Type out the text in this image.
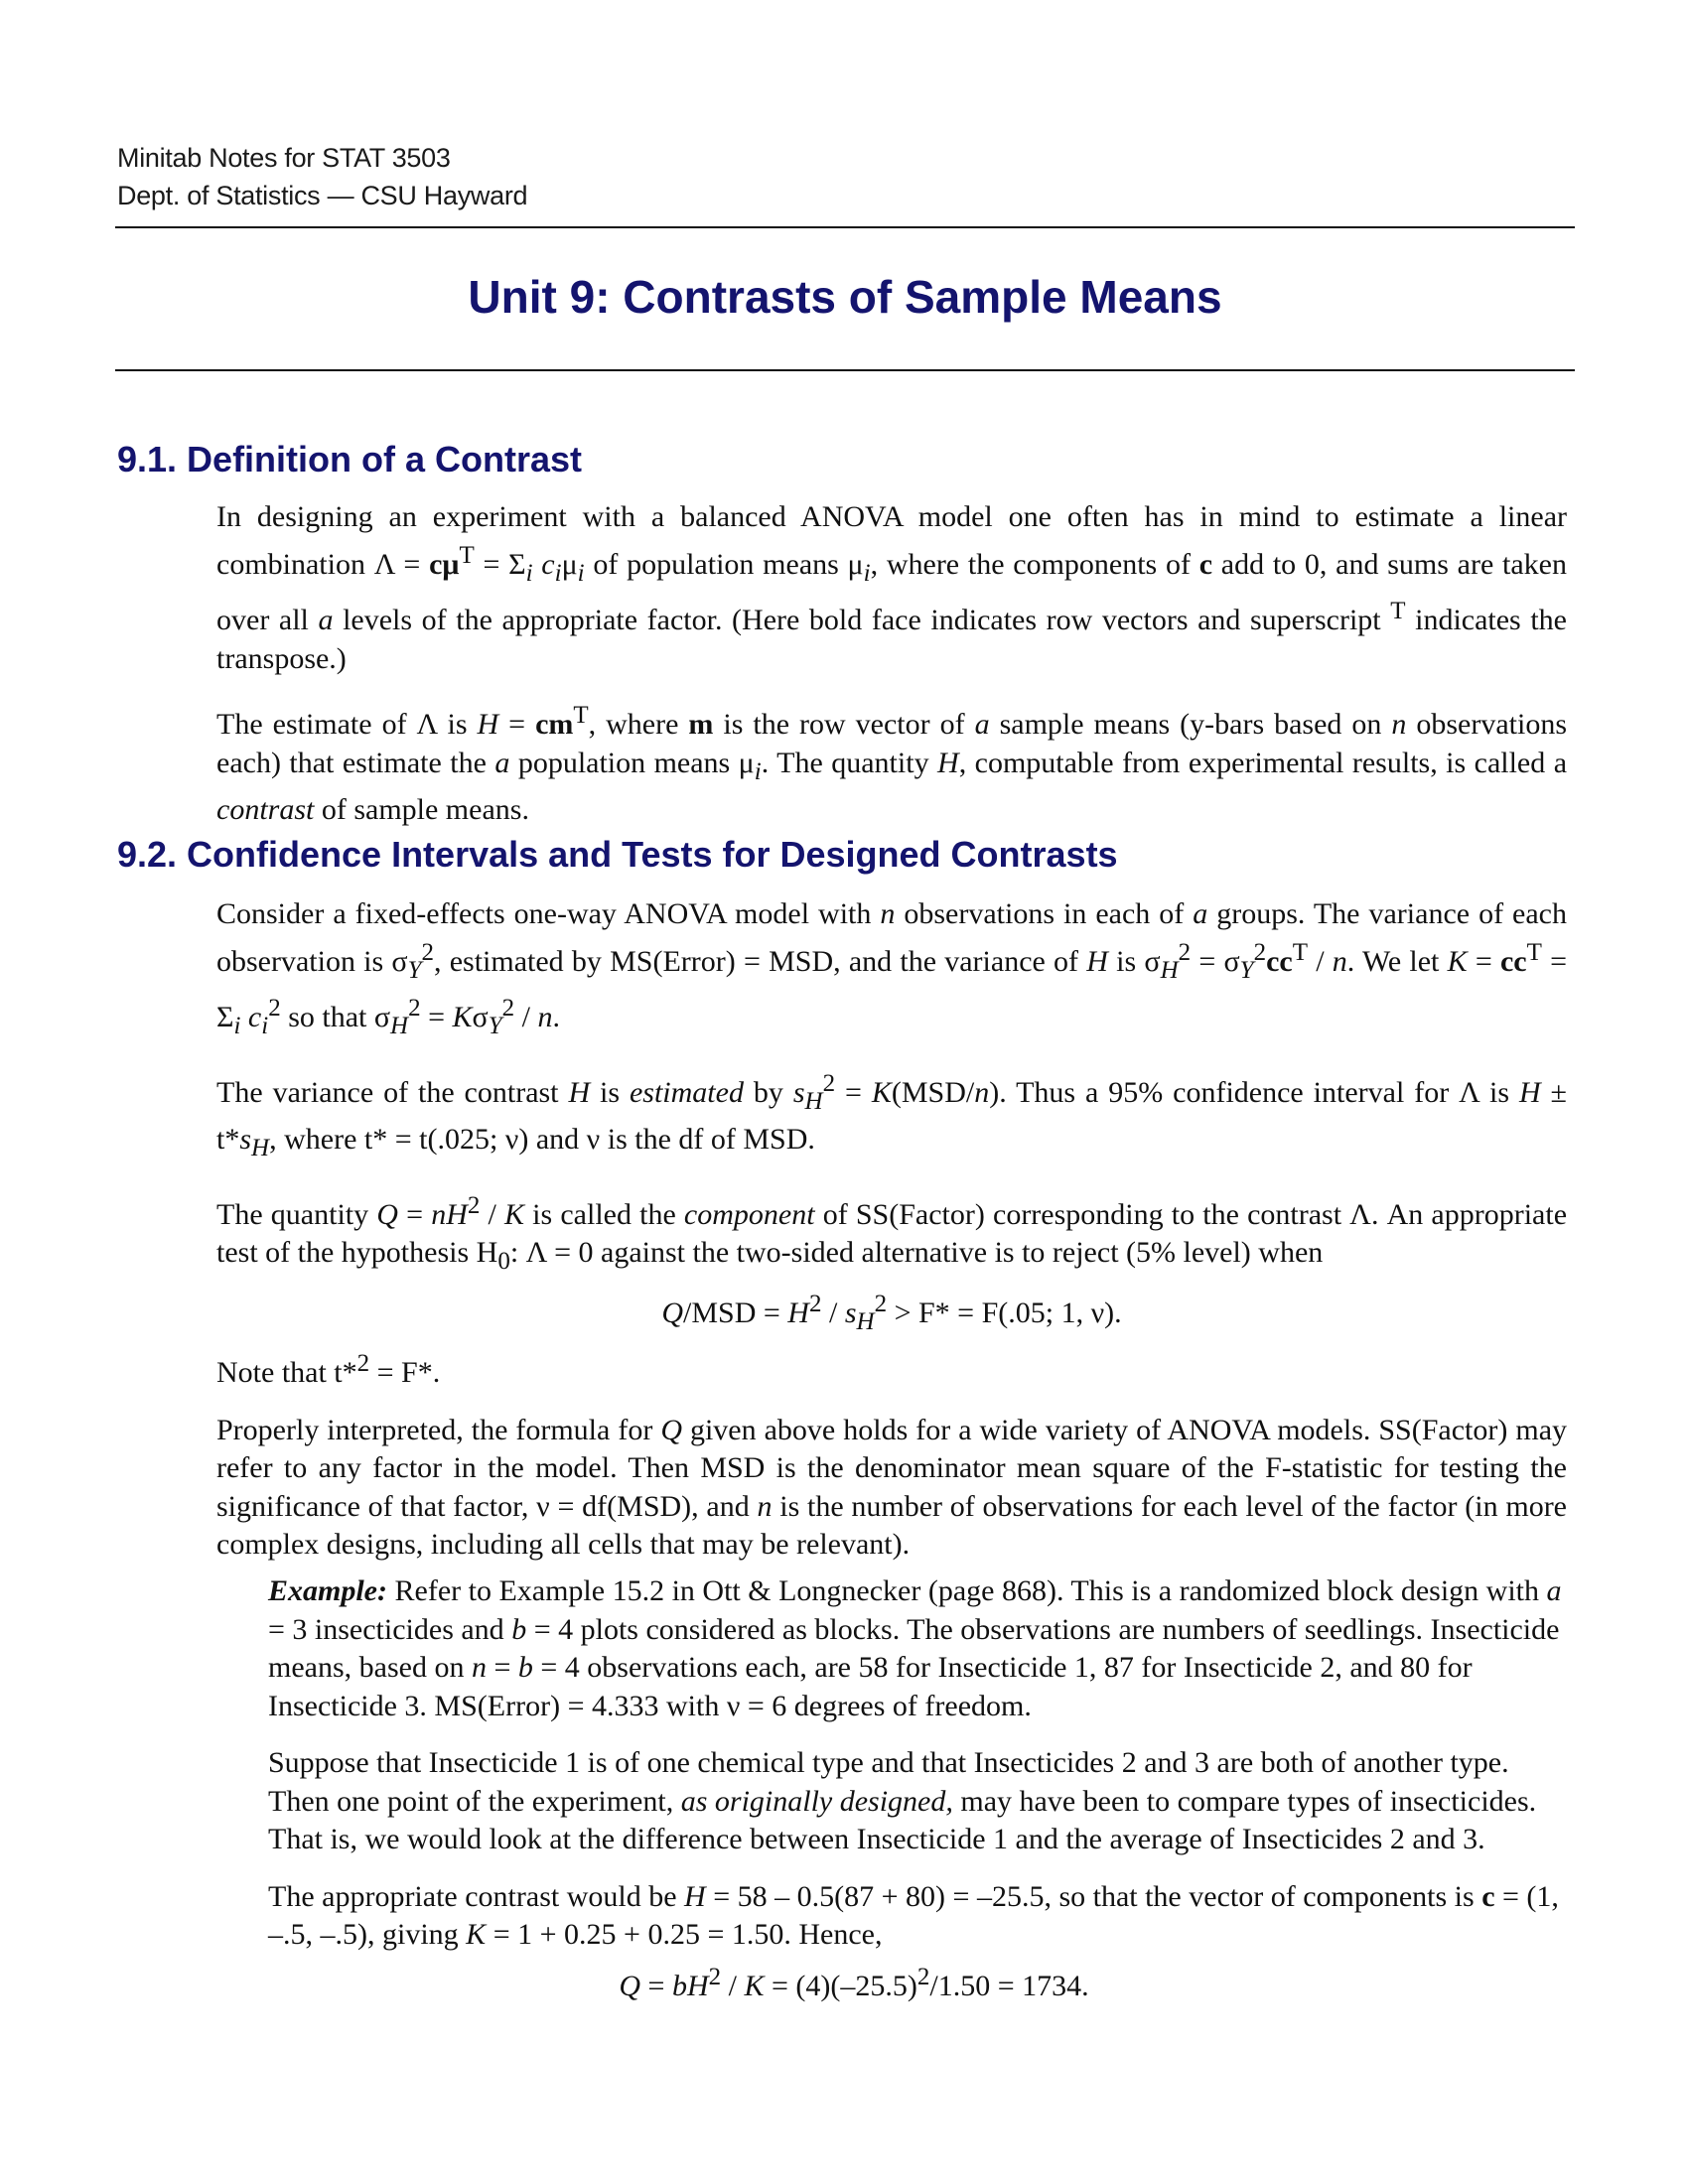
Minitab Notes for STAT 3503
Dept. of Statistics — CSU Hayward
Unit 9: Contrasts of Sample Means
9.1. Definition of a Contrast

In designing an experiment with a balanced ANOVA model one often has in mind to estimate a linear combination $\Lambda = c\mu^T = \Sigma_i$ $c_i\mu_i$ of population means $\mu_i$, where the components of c add to 0, and sums are taken over all a levels of the appropriate factor. (Here bold face indicates row vectors and superscript $^T$ indicates the transpose.)

The estimate of Λ is $H = cm^T$, where m is the row vector of a sample means (y-bars based on n observations each) that estimate the a population means $\mu_i$. The quantity H, computable from experimental results, is called a contrast of sample means.

9.2. Confidence Intervals and Tests for Designed Contrasts

Consider a fixed-effects one-way ANOVA model with n observations in each of a groups. The variance of each observation is $\sigma_Y^2$, estimated by MS(Error) = MSD, and the variance of H is $\sigma_H^2 = \sigma_Y^2cc^T / n$. We let $K = cc^T = \Sigma_i$ $c_i^2$ so that $\sigma_H^2 = K\sigma_Y^2 / n$.

The variance of the contrast H is estimated by $s_H^2 = K(MSD/n)$. Thus a 95% confidence interval for Λ is $H \pm t*s_H$, where t* = t(.025; ν) and ν is the df of MSD.

The quantity $Q = nH^2 / K$ is called the component of SS(Factor) corresponding to the contrast Λ. An appropriate test of the hypothesis $H_0$: Λ = 0 against the two-sided alternative is to reject (5% level) when

$Q/MSD = H^2 / s_H^2 > F* = F(.05$; 1, ν).

Note that t*$^2$ = F*.

Properly interpreted, the formula for Q given above holds for a wide variety of ANOVA models. SS(Factor) may refer to any factor in the model. Then MSD is the denominator mean square of the F-statistic for testing the significance of that factor, ν = df(MSD), and n is the number of observations for each level of the factor (in more complex designs, including all cells that may be relevant).

Example: Refer to Example 15.2 in Ott & Longnecker (page 868). This is a randomized block design with a = 3 insecticides and b = 4 plots considered as blocks. The observations are numbers of seedlings. Insecticide means, based on n = b = 4 observations each, are 58 for Insecticide 1, 87 for Insecticide 2, and 80 for Insecticide 3. MS(Error) = 4.333 with ν = 6 degrees of freedom.

Suppose that Insecticide 1 is of one chemical type and that Insecticides 2 and 3 are both of another type. Then one point of the experiment, as originally designed, may have been to compare types of insecticides. That is, we would look at the difference between Insecticide 1 and the average of Insecticides 2 and 3.

The appropriate contrast would be H = 58 – 0.5(87 + 80) = –25.5, so that the vector of components is c = (1, –.5, –.5), giving K = 1 + 0.25 + 0.25 = 1.50. Hence,

$Q = bH^2 / K = (4)(-25.5)^2/1.50 = 1734$.
